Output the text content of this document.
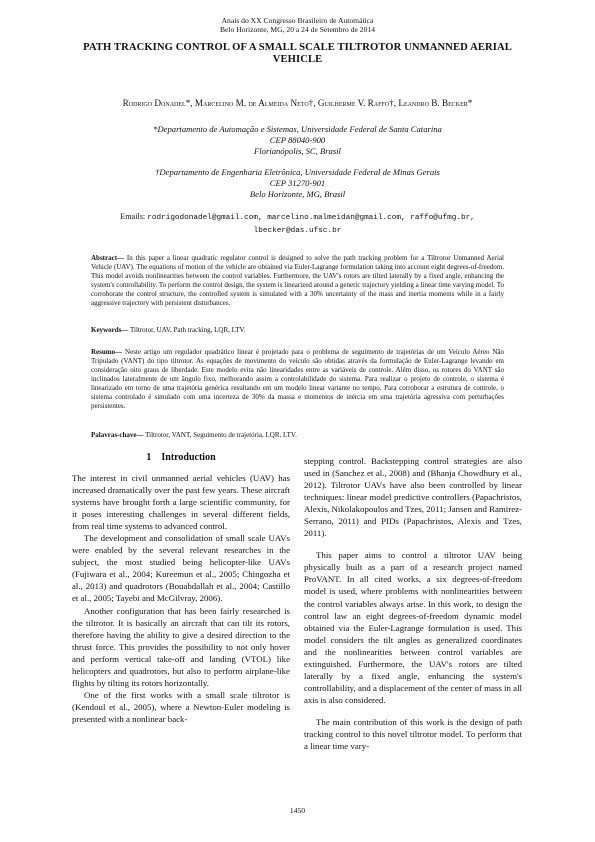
Anais do XX Congresso Brasileiro de Automática
Belo Horizonte, MG, 20 a 24 de Setembro de 2014
PATH TRACKING CONTROL OF A SMALL SCALE TILTROTOR UNMANNED AERIAL VEHICLE
Rodrigo Donadel*, Marcelino M. de Almeida Neto†, Guilherme V. Raffo†, Leandro B. Becker*
*Departamento de Automação e Sistemas, Universidade Federal de Santa Catarina
CEP 88040-900
Florianópolis, SC, Brasil
†Departamento de Engenharia Eletrônica, Universidade Federal de Minas Gerais
CEP 31270-901
Belo Horizonte, MG, Brasil
Emails: rodrigodonadel@gmail.com, marcelino.malmeidan@gmail.com, raffo@ufmg.br,
lbecker@das.ufsc.br
Abstract— In this paper a linear quadratic regulator control is designed to solve the path tracking problem for a Tiltrotor Unmanned Aerial Vehicle (UAV). The equations of motion of the vehicle are obtained via Euler-Lagrange formulation taking into account eight degrees-of-freedom. This model avoids nonlinearities between the control variables. Furthermore, the UAV's rotors are tilted laterally by a fixed angle, enhancing the system's controllability. To perform the control design, the system is linearized around a generic trajectory yielding a linear time varying model. To corroborate the control structure, the controlled system is simulated with a 30% uncertainty of the mass and inertia moments while in a fairly aggressive trajectory with persistent disturbances.
Keywords— Tiltrotor, UAV, Path tracking, LQR, LTV.
Resumo— Neste artigo um regulador quadrático linear é projetado para o problema de seguimento de trajetórias de um Veículo Aéreo Não Tripulado (VANT) do tipo tiltrotor. As equações de movimento do veículo são obtidas através da formulação de Euler-Lagrange levando em consideração oito graus de liberdade. Este modelo evita não linearidades entre as variáveis de controle. Além disso, os rotores do VANT são inclinados lateralmente de um ângulo fixo, melhorando assim a controlabilidade do sistema. Para realizar o projeto de controle, o sistema é linearizado em torno de uma trajetória genérica resultando em um modelo linear variante no tempo. Para corroborar a estrutura de controle, o sistema controlado é simulado com uma incerteza de 30% da massa e momentos de inércia em uma trajetória agressiva com perturbações persistentes.
Palavras-chave— Tiltrotor, VANT, Seguimento de trajetória, LQR, LTV.
1    Introduction

The interest in civil unmanned aerial vehicles (UAV) has increased dramatically over the past few years. These aircraft systems have brought forth a large scientific community, for it poses interesting challenges in several different fields, from real time systems to advanced control.

The development and consolidation of small scale UAVs were enabled by the several relevant researches in the subject, the most studied being helicopter-like UAVs (Fujiwara et al., 2004; Kureemun et al., 2005; Chingozha et al., 2013) and quadrotors (Bouabdallah et al., 2004; Castillo et al., 2005; Tayebi and McGilvray, 2006).

Another configuration that has been fairly researched is the tiltrotor. It is basically an aircraft that can tilt its rotors, therefore having the ability to give a desired direction to the thrust force. This provides the possibility to not only hover and perform vertical take-off and landing (VTOL) like helicopters and quadrotors, but also to perform airplane-like flights by tilting its rotors horizontally.

One of the first works with a small scale tiltrotor is (Kendoul et al., 2005), where a Newton-Euler modeling is presented with a nonlinear back-

stepping control. Backstepping control strategies are also used in (Sanchez et al., 2008) and (Bhanja Chowdhury et al., 2012). Tiltrotor UAVs have also been controlled by linear techniques: linear model predictive controllers (Papachristos, Alexis, Nikolakopoulos and Tzes, 2011; Jansen and Ramirez-Serrano, 2011) and PIDs (Papachristos, Alexis and Tzes, 2011).

This paper aims to control a tiltrotor UAV being physically built as a part of a research project named ProVANT. In all cited works, a six degrees-of-freedom model is used, where problems with nonlinearities between the control variables always arise. In this work, to design the control law an eight degrees-of-freedom dynamic model obtained via the Euler-Lagrange formulation is used. This model considers the tilt angles as generalized coordinates and the nonlinearities between control variables are extinguished. Furthermore, the UAV's rotors are tilted laterally by a fixed angle, enhancing the system's controllability, and a displacement of the center of mass in all axis is also considered.

The main contribution of this work is the design of path tracking control to this novel tiltrotor model. To perform that a linear time vary-

1450
